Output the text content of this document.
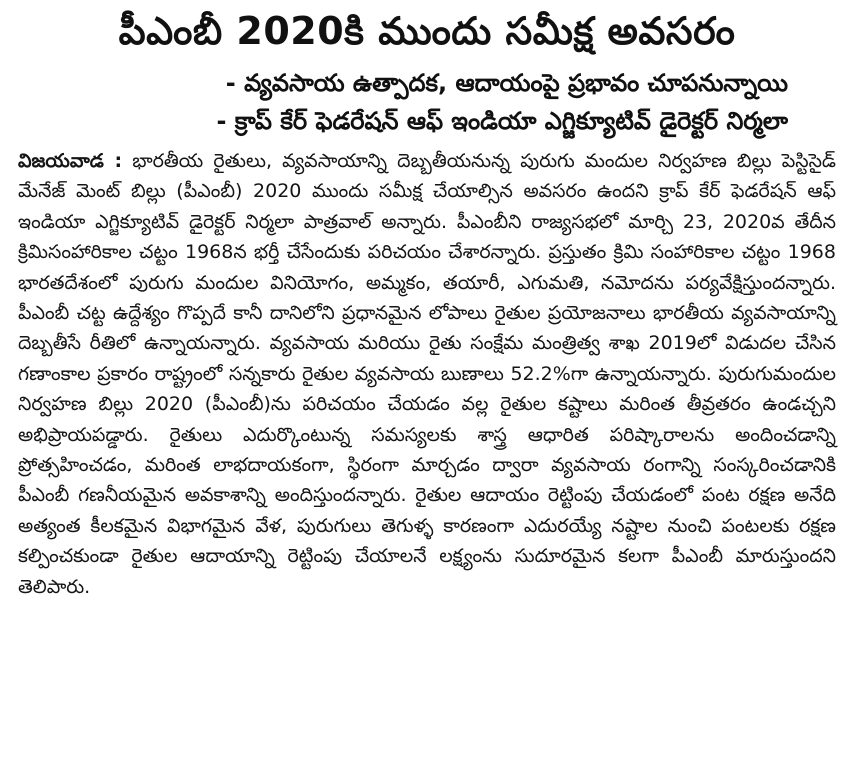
పీఎంబీ 2020కి ముందు సమీక్ష అవసరం

- వ్యవసాయ ఉత్పాదక, ఆదాయంపై ప్రభావం చూపనున్నాయి

- క్రాప్ కేర్ ఫెడరేషన్ ఆఫ్ ఇండియా ఎగ్జిక్యూటివ్ డైరెక్టర్ నిర్మలా

విజయవాడ : భారతీయ రైతులు, వ్యవసాయాన్ని దెబ్బతీయనున్న పురుగు మందుల నిర్వహణ బిల్లు పెస్టిసైడ్ మేనేజ్ మెంట్ బిల్లు (పీఎంబీ) 2020 ముందు సమీక్ష చేయాల్సిన అవసరం ఉందని క్రాప్ కేర్ ఫెడరేషన్ ఆఫ్ ఇండియా ఎగ్జిక్యూటివ్ డైరెక్టర్ నిర్మలా పాత్రవాల్ అన్నారు. పీఎంబీని రాజ్యసభలో మార్చి 23, 2020వ తేదీన క్రిమిసంహారికాల చట్టం 1968న భర్తీ చేసేందుకు పరిచయం చేశారన్నారు. ప్రస్తుతం క్రిమి సంహారికాల చట్టం 1968 భారతదేశంలో పురుగు మందుల వినియోగం, అమ్మకం, తయారీ, ఎగుమతి, నమోదను పర్యవేక్షిస్తుందన్నారు. పీఎంబీ చట్ట ఉద్దేశ్యం గొప్పదే కానీ దానిలోని ప్రధానమైన లోపాలు రైతుల ప్రయోజనాలు భారతీయ వ్యవసాయాన్ని దెబ్బతీసే రీతిలో ఉన్నాయన్నారు. వ్యవసాయ మరియు రైతు సంక్షేమ మంత్రిత్వ శాఖ 2019లో విడుదల చేసిన గణాంకాల ప్రకారం రాష్ట్రంలో సన్నకారు రైతుల వ్యవసాయ బుణాలు 52.2%గా ఉన్నాయన్నారు. పురుగుమందుల నిర్వహణ బిల్లు 2020 (పీఎంబీ)ను పరిచయం చేయడం వల్ల రైతుల కష్టాలు మరింత తీవ్రతరం ఉండచ్చని అభిప్రాయపడ్డారు. రైతులు ఎదుర్కొంటున్న సమస్యలకు శాస్త్ర ఆధారిత పరిష్కారాలను అందించడాన్ని ప్రోత్సహించడం, మరింత లాభదాయకంగా, స్థిరంగా మార్చడం ద్వారా వ్యవసాయ రంగాన్ని సంస్కరించడానికి పీఎంబీ గణనీయమైన అవకాశాన్ని అందిస్తుందన్నారు. రైతుల ఆదాయం రెట్టింపు చేయడంలో పంట రక్షణ అనేది అత్యంత కీలకమైన విభాగమైన వేళ, పురుగులు తెగుళ్ళ కారణంగా ఎదురయ్యే నష్టాల నుంచి పంటలకు రక్షణ కల్పించకుండా రైతుల ఆదాయాన్ని రెట్టింపు చేయాలనే లక్ష్యంను సుదూరమైన కలగా పీఎంబీ మారుస్తుందని తెలిపారు.
